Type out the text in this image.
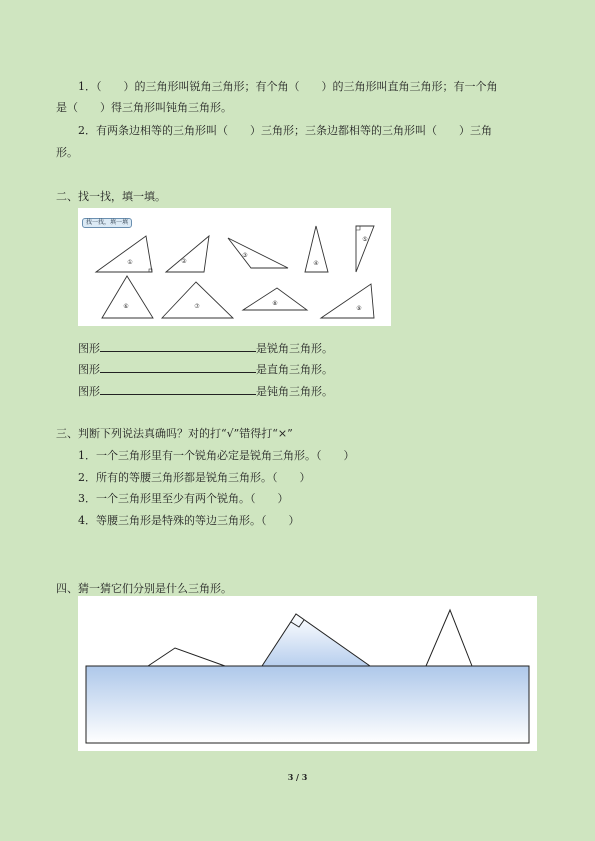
1．（　　）的三角形叫锐角三角形；有个角（　　）的三角形叫直角三角形；有一个角
是（　　）得三角形叫钝角三角形。
2．有两条边相等的三角形叫（　　）三角形；三条边都相等的三角形叫（　　）三角
形。
二、找一找，填一填。
找一找，填一填
①	②
③
④
⑤
⑥	⑦	⑧
⑨
图形	是锐角三角形。
图形	是直角三角形。
图形	是钝角三角形。
三、判断下列说法真确吗？对的打“√”错得打“×”
1．一个三角形里有一个锐角必定是锐角三角形。（　　）
2．所有的等腰三角形都是锐角三角形。（　　）
3．一个三角形里至少有两个锐角。（　　）
4．等腰三角形是特殊的等边三角形。（　　）
四、猜一猜它们分别是什么三角形。
3 / 3
